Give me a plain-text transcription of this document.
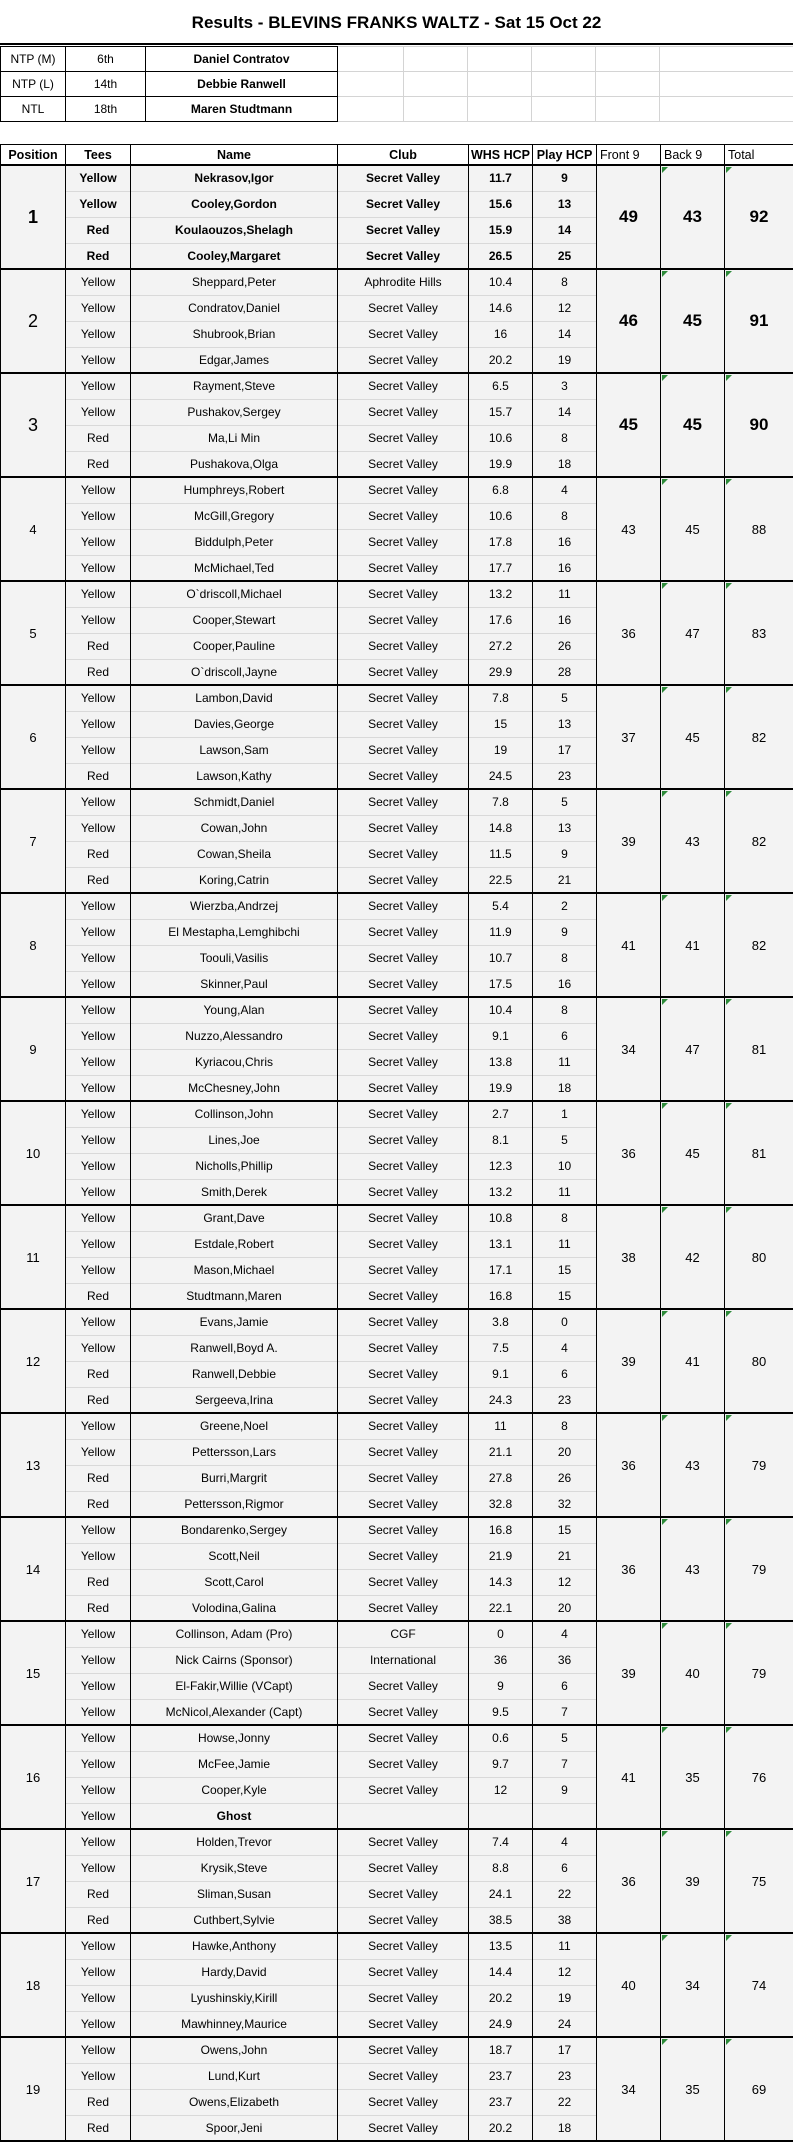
Results - BLEVINS FRANKS WALTZ - Sat 15 Oct 22
NTP (M)	6th	Daniel Contratov						
NTP (L)	14th	Debbie Ranwell						
NTL	18th	Maren Studtmann						
Position	Tees	Name	Club	WHS HCP	Play HCP	Front 9	Back 9	Total
1	Yellow	Nekrasov,Igor	Secret Valley	11.7	9	49	43	92
	Yellow	Cooley,Gordon	Secret Valley	15.6	13			
	Red	Koulaouzos,Shelagh	Secret Valley	15.9	14			
	Red	Cooley,Margaret	Secret Valley	26.5	25			
2	Yellow	Sheppard,Peter	Aphrodite Hills	10.4	8	46	45	91
	Yellow	Condratov,Daniel	Secret Valley	14.6	12			
	Yellow	Shubrook,Brian	Secret Valley	16	14			
	Yellow	Edgar,James	Secret Valley	20.2	19			
3	Yellow	Rayment,Steve	Secret Valley	6.5	3	45	45	90
	Yellow	Pushakov,Sergey	Secret Valley	15.7	14			
	Red	Ma,Li Min	Secret Valley	10.6	8			
	Red	Pushakova,Olga	Secret Valley	19.9	18			
4	Yellow	Humphreys,Robert	Secret Valley	6.8	4	43	45	88
	Yellow	McGill,Gregory	Secret Valley	10.6	8			
	Yellow	Biddulph,Peter	Secret Valley	17.8	16			
	Yellow	McMichael,Ted	Secret Valley	17.7	16			
5	Yellow	O`driscoll,Michael	Secret Valley	13.2	11	36	47	83
	Yellow	Cooper,Stewart	Secret Valley	17.6	16			
	Red	Cooper,Pauline	Secret Valley	27.2	26			
	Red	O`driscoll,Jayne	Secret Valley	29.9	28			
6	Yellow	Lambon,David	Secret Valley	7.8	5	37	45	82
	Yellow	Davies,George	Secret Valley	15	13			
	Yellow	Lawson,Sam	Secret Valley	19	17			
	Red	Lawson,Kathy	Secret Valley	24.5	23			
7	Yellow	Schmidt,Daniel	Secret Valley	7.8	5	39	43	82
	Yellow	Cowan,John	Secret Valley	14.8	13			
	Red	Cowan,Sheila	Secret Valley	11.5	9			
	Red	Koring,Catrin	Secret Valley	22.5	21			
8	Yellow	Wierzba,Andrzej	Secret Valley	5.4	2	41	41	82
	Yellow	El Mestapha,Lemghibchi	Secret Valley	11.9	9			
	Yellow	Toouli,Vasilis	Secret Valley	10.7	8			
	Yellow	Skinner,Paul	Secret Valley	17.5	16			
9	Yellow	Young,Alan	Secret Valley	10.4	8	34	47	81
	Yellow	Nuzzo,Alessandro	Secret Valley	9.1	6			
	Yellow	Kyriacou,Chris	Secret Valley	13.8	11			
	Yellow	McChesney,John	Secret Valley	19.9	18			
10	Yellow	Collinson,John	Secret Valley	2.7	1	36	45	81
	Yellow	Lines,Joe	Secret Valley	8.1	5			
	Yellow	Nicholls,Phillip	Secret Valley	12.3	10			
	Yellow	Smith,Derek	Secret Valley	13.2	11			
11	Yellow	Grant,Dave	Secret Valley	10.8	8	38	42	80
	Yellow	Estdale,Robert	Secret Valley	13.1	11			
	Yellow	Mason,Michael	Secret Valley	17.1	15			
	Red	Studtmann,Maren	Secret Valley	16.8	15			
12	Yellow	Evans,Jamie	Secret Valley	3.8	0	39	41	80
	Yellow	Ranwell,Boyd A.	Secret Valley	7.5	4			
	Red	Ranwell,Debbie	Secret Valley	9.1	6			
	Red	Sergeeva,Irina	Secret Valley	24.3	23			
13	Yellow	Greene,Noel	Secret Valley	11	8	36	43	79
	Yellow	Pettersson,Lars	Secret Valley	21.1	20			
	Red	Burri,Margrit	Secret Valley	27.8	26			
	Red	Pettersson,Rigmor	Secret Valley	32.8	32			
14	Yellow	Bondarenko,Sergey	Secret Valley	16.8	15	36	43	79
	Yellow	Scott,Neil	Secret Valley	21.9	21			
	Red	Scott,Carol	Secret Valley	14.3	12			
	Red	Volodina,Galina	Secret Valley	22.1	20			
15	Yellow	Collinson, Adam (Pro)	CGF	0	4	39	40	79
	Yellow	Nick Cairns (Sponsor)	International	36	36			
	Yellow	El-Fakir,Willie (VCapt)	Secret Valley	9	6			
	Yellow	McNicol,Alexander (Capt)	Secret Valley	9.5	7			
16	Yellow	Howse,Jonny	Secret Valley	0.6	5	41	35	76
	Yellow	McFee,Jamie	Secret Valley	9.7	7			
	Yellow	Cooper,Kyle	Secret Valley	12	9			
	Yellow	Ghost						
17	Yellow	Holden,Trevor	Secret Valley	7.4	4	36	39	75
	Yellow	Krysik,Steve	Secret Valley	8.8	6			
	Red	Sliman,Susan	Secret Valley	24.1	22			
	Red	Cuthbert,Sylvie	Secret Valley	38.5	38			
18	Yellow	Hawke,Anthony	Secret Valley	13.5	11	40	34	74
	Yellow	Hardy,David	Secret Valley	14.4	12			
	Yellow	Lyushinskiy,Kirill	Secret Valley	20.2	19			
	Yellow	Mawhinney,Maurice	Secret Valley	24.9	24			
19	Yellow	Owens,John	Secret Valley	18.7	17	34	35	69
	Yellow	Lund,Kurt	Secret Valley	23.7	23			
	Red	Owens,Elizabeth	Secret Valley	23.7	22			
	Red	Spoor,Jeni	Secret Valley	20.2	18			
